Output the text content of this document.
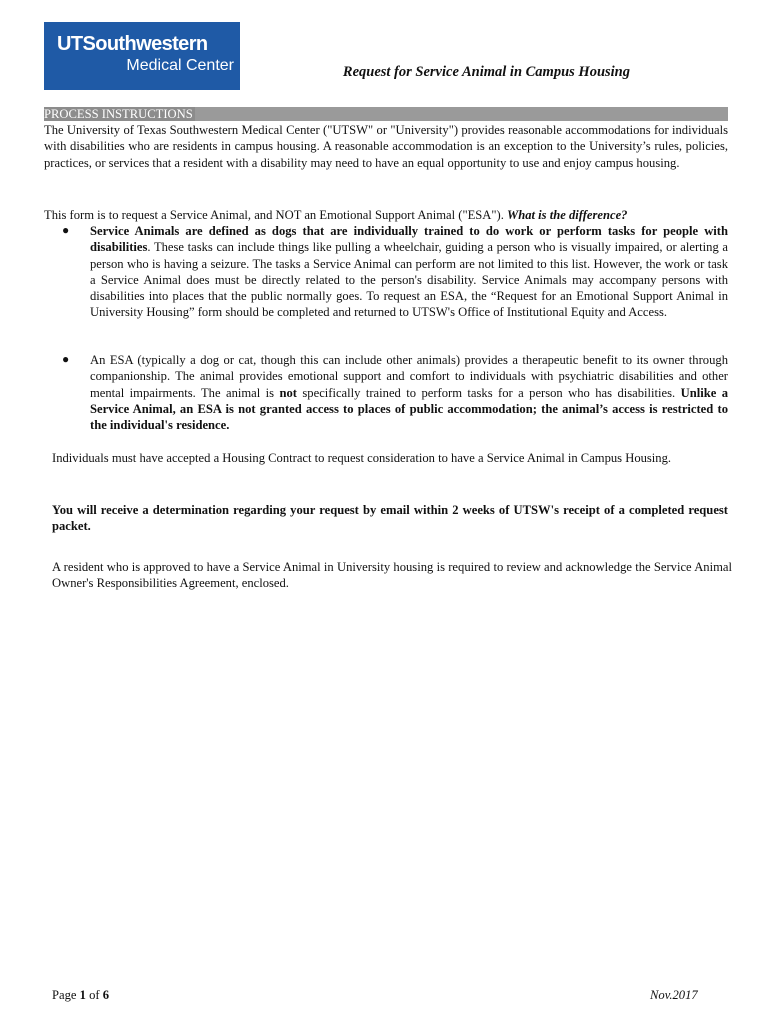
UTSouthwestern
Medical Center	Request for Service Animal in Campus Housing
PROCESS INSTRUCTIONS

The University of Texas Southwestern Medical Center ("UTSW" or "University") provides reasonable accommodations for individuals with disabilities who are residents in campus housing. A reasonable accommodation is an exception to the University’s rules, policies, practices, or services that a resident with a disability may need to have an equal opportunity to use and enjoy campus housing.

This form is to request a Service Animal, and NOT an Emotional Support Animal ("ESA"). What is the difference?

● Service Animals are defined as dogs that are individually trained to do work or perform tasks for people with disabilities. These tasks can include things like pulling a wheelchair, guiding a person who is visually impaired, or alerting a person who is having a seizure. The tasks a Service Animal can perform are not limited to this list. However, the work or task a Service Animal does must be directly related to the person's disability. Service Animals may accompany persons with disabilities into places that the public normally goes. To request an ESA, the “Request for an Emotional Support Animal in University Housing” form should be completed and returned to UTSW's Office of Institutional Equity and Access.

● An ESA (typically a dog or cat, though this can include other animals) provides a therapeutic benefit to its owner through companionship. The animal provides emotional support and comfort to individuals with psychiatric disabilities and other mental impairments. The animal is not specifically trained to perform tasks for a person who has disabilities. Unlike a Service Animal, an ESA is not granted access to places of public accommodation; the animal’s access is restricted to the individual's residence.

Individuals must have accepted a Housing Contract to request consideration to have a Service Animal in Campus Housing.

You will receive a determination regarding your request by email within 2 weeks of UTSW's receipt of a completed request packet.

A resident who is approved to have a Service Animal in University housing is required to review and acknowledge the Service Animal Owner's Responsibilities Agreement, enclosed.

Page 1 of 6	Nov.2017
